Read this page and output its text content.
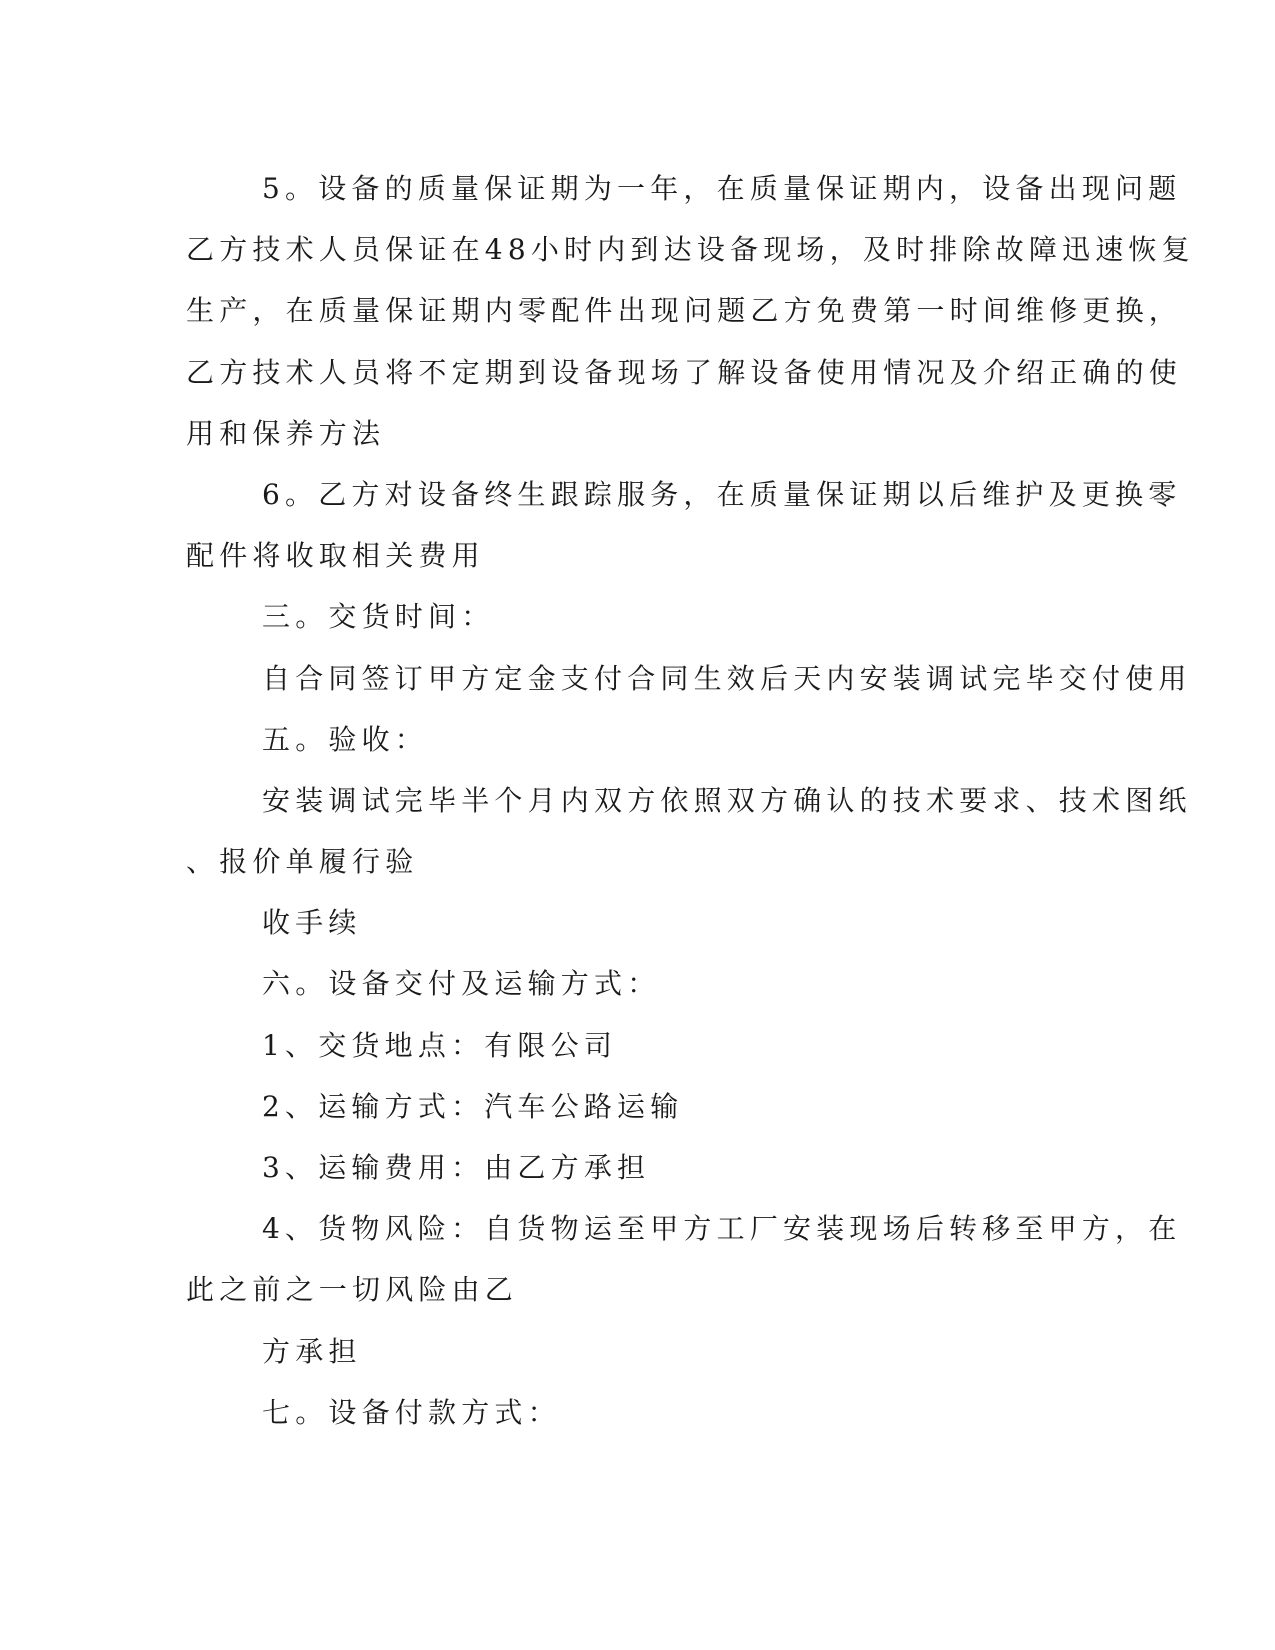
5。设备的质量保证期为一年，在质量保证期内，设备出现问题
乙方技术人员保证在48小时内到达设备现场，及时排除故障迅速恢复
生产，在质量保证期内零配件出现问题乙方免费第一时间维修更换，
乙方技术人员将不定期到设备现场了解设备使用情况及介绍正确的使
用和保养方法
6。乙方对设备终生跟踪服务，在质量保证期以后维护及更换零
配件将收取相关费用
三。交货时间：
自合同签订甲方定金支付合同生效后天内安装调试完毕交付使用
五。验收：
安装调试完毕半个月内双方依照双方确认的技术要求、技术图纸
、报价单履行验
收手续
六。设备交付及运输方式：
1、交货地点：有限公司
2、运输方式：汽车公路运输
3、运输费用：由乙方承担
4、货物风险：自货物运至甲方工厂安装现场后转移至甲方，在
此之前之一切风险由乙
方承担
七。设备付款方式：
